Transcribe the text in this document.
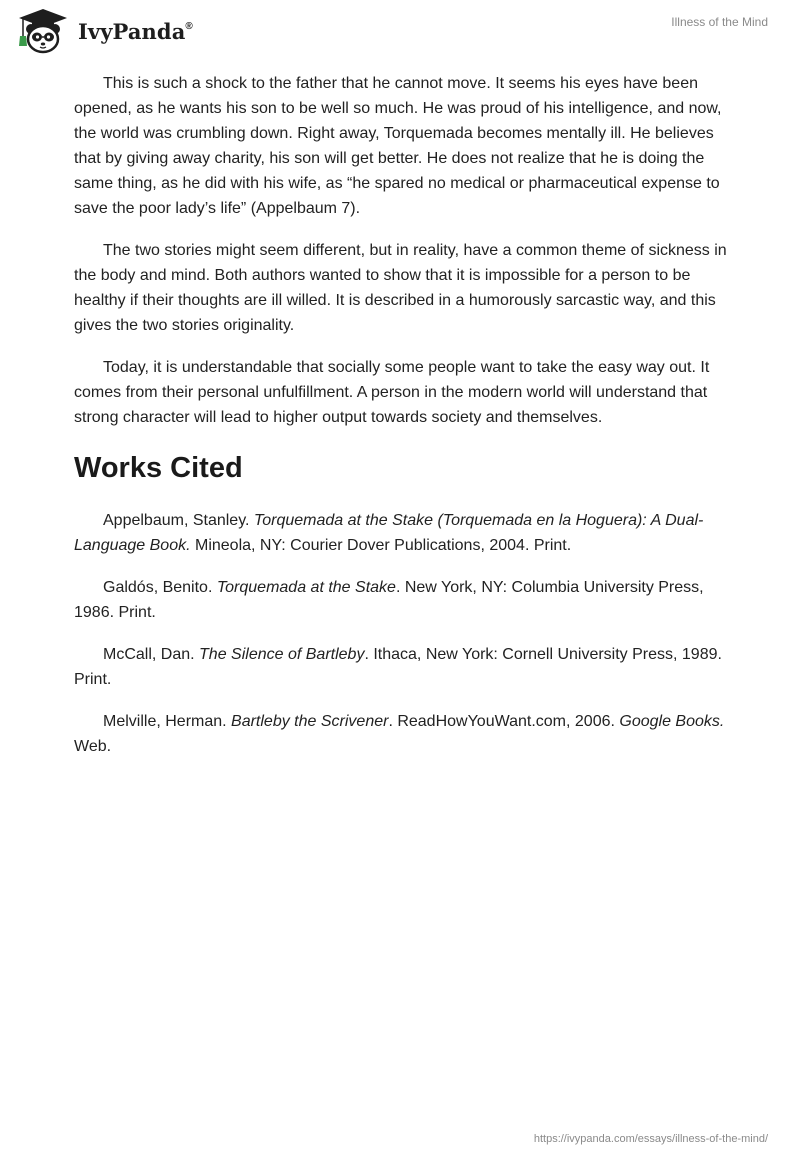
IvyPanda®	Illness of the Mind

This is such a shock to the father that he cannot move. It seems his eyes have been opened, as he wants his son to be well so much. He was proud of his intelligence, and now, the world was crumbling down. Right away, Torquemada becomes mentally ill. He believes that by giving away charity, his son will get better. He does not realize that he is doing the same thing, as he did with his wife, as “he spared no medical or pharmaceutical expense to save the poor lady’s life” (Appelbaum 7).

The two stories might seem different, but in reality, have a common theme of sickness in the body and mind. Both authors wanted to show that it is impossible for a person to be healthy if their thoughts are ill willed. It is described in a humorously sarcastic way, and this gives the two stories originality.

Today, it is understandable that socially some people want to take the easy way out. It comes from their personal unfulfillment. A person in the modern world will understand that strong character will lead to higher output towards society and themselves.

Works Cited

Appelbaum, Stanley. Torquemada at the Stake (Torquemada en la Hoguera): A Dual-Language Book. Mineola, NY: Courier Dover Publications, 2004. Print.

Galdós, Benito. Torquemada at the Stake. New York, NY: Columbia University Press, 1986. Print.

McCall, Dan. The Silence of Bartleby. Ithaca, New York: Cornell University Press, 1989. Print.

Melville, Herman. Bartleby the Scrivener. ReadHowYouWant.com, 2006. Google Books. Web.

https://ivypanda.com/essays/illness-of-the-mind/
